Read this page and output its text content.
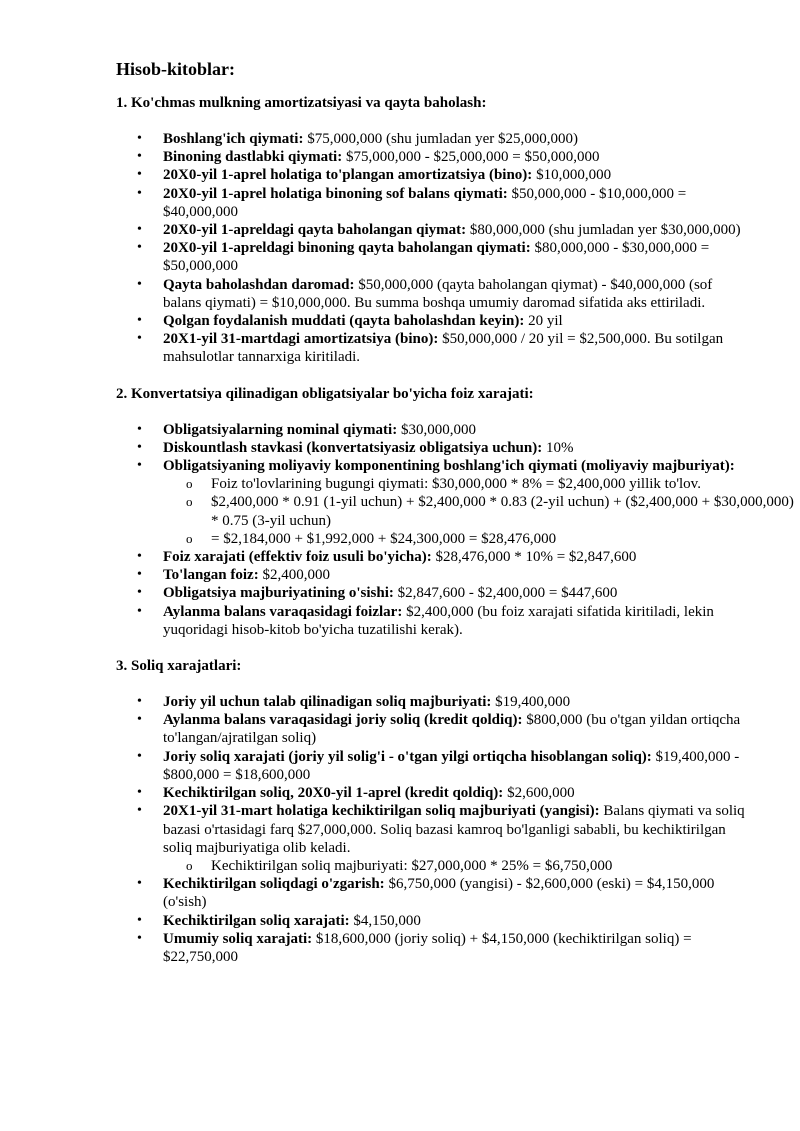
Hisob-kitoblar:
1. Ko'chmas mulkning amortizatsiyasi va qayta baholash:
• Boshlang'ich qiymati: $75,000,000 (shu jumladan yer $25,000,000)
• Binoning dastlabki qiymati: $75,000,000 - $25,000,000 = $50,000,000
• 20X0-yil 1-aprel holatiga to'plangan amortizatsiya (bino): $10,000,000
• 20X0-yil 1-aprel holatiga binoning sof balans qiymati: $50,000,000 - $10,000,000 = $40,000,000
• 20X0-yil 1-apreldagi qayta baholangan qiymat: $80,000,000 (shu jumladan yer $30,000,000)
• 20X0-yil 1-apreldagi binoning qayta baholangan qiymati: $80,000,000 - $30,000,000 = $50,000,000
• Qayta baholashdan daromad: $50,000,000 (qayta baholangan qiymat) - $40,000,000 (sof balans qiymati) = $10,000,000. Bu summa boshqa umumiy daromad sifatida aks ettiriladi.
• Qolgan foydalanish muddati (qayta baholashdan keyin): 20 yil
• 20X1-yil 31-martdagi amortizatsiya (bino): $50,000,000 / 20 yil = $2,500,000. Bu sotilgan mahsulotlar tannarxiga kiritiladi.
2. Konvertatsiya qilinadigan obligatsiyalar bo'yicha foiz xarajati:
• Obligatsiyalarning nominal qiymati: $30,000,000
• Diskountlash stavkasi (konvertatsiyasiz obligatsiya uchun): 10%
• Obligatsiyaning moliyaviy komponentining boshlang'ich qiymati (moliyaviy majburiyat):
o Foiz to'lovlarining bugungi qiymati: $30,000,000 * 8% = $2,400,000 yillik to'lov.
o $2,400,000 * 0.91 (1-yil uchun) + $2,400,000 * 0.83 (2-yil uchun) + ($2,400,000 + $30,000,000) * 0.75 (3-yil uchun)
o = $2,184,000 + $1,992,000 + $24,300,000 = $28,476,000
• Foiz xarajati (effektiv foiz usuli bo'yicha): $28,476,000 * 10% = $2,847,600
• To'langan foiz: $2,400,000
• Obligatsiya majburiyatining o'sishi: $2,847,600 - $2,400,000 = $447,600
• Aylanma balans varaqasidagi foizlar: $2,400,000 (bu foiz xarajati sifatida kiritiladi, lekin yuqoridagi hisob-kitob bo'yicha tuzatilishi kerak).
3. Soliq xarajatlari:
• Joriy yil uchun talab qilinadigan soliq majburiyati: $19,400,000
• Aylanma balans varaqasidagi joriy soliq (kredit qoldiq): $800,000 (bu o'tgan yildan ortiqcha to'langan/ajratilgan soliq)
• Joriy soliq xarajati (joriy yil solig'i - o'tgan yilgi ortiqcha hisoblangan soliq): $19,400,000 - $800,000 = $18,600,000
• Kechiktirilgan soliq, 20X0-yil 1-aprel (kredit qoldiq): $2,600,000
• 20X1-yil 31-mart holatiga kechiktirilgan soliq majburiyati (yangisi): Balans qiymati va soliq bazasi o'rtasidagi farq $27,000,000. Soliq bazasi kamroq bo'lganligi sababli, bu kechiktirilgan soliq majburiyatiga olib keladi.
o Kechiktirilgan soliq majburiyati: $27,000,000 * 25% = $6,750,000
• Kechiktirilgan soliqdagi o'zgarish: $6,750,000 (yangisi) - $2,600,000 (eski) = $4,150,000 (o'sish)
• Kechiktirilgan soliq xarajati: $4,150,000
• Umumiy soliq xarajati: $18,600,000 (joriy soliq) + $4,150,000 (kechiktirilgan soliq) = $22,750,000
